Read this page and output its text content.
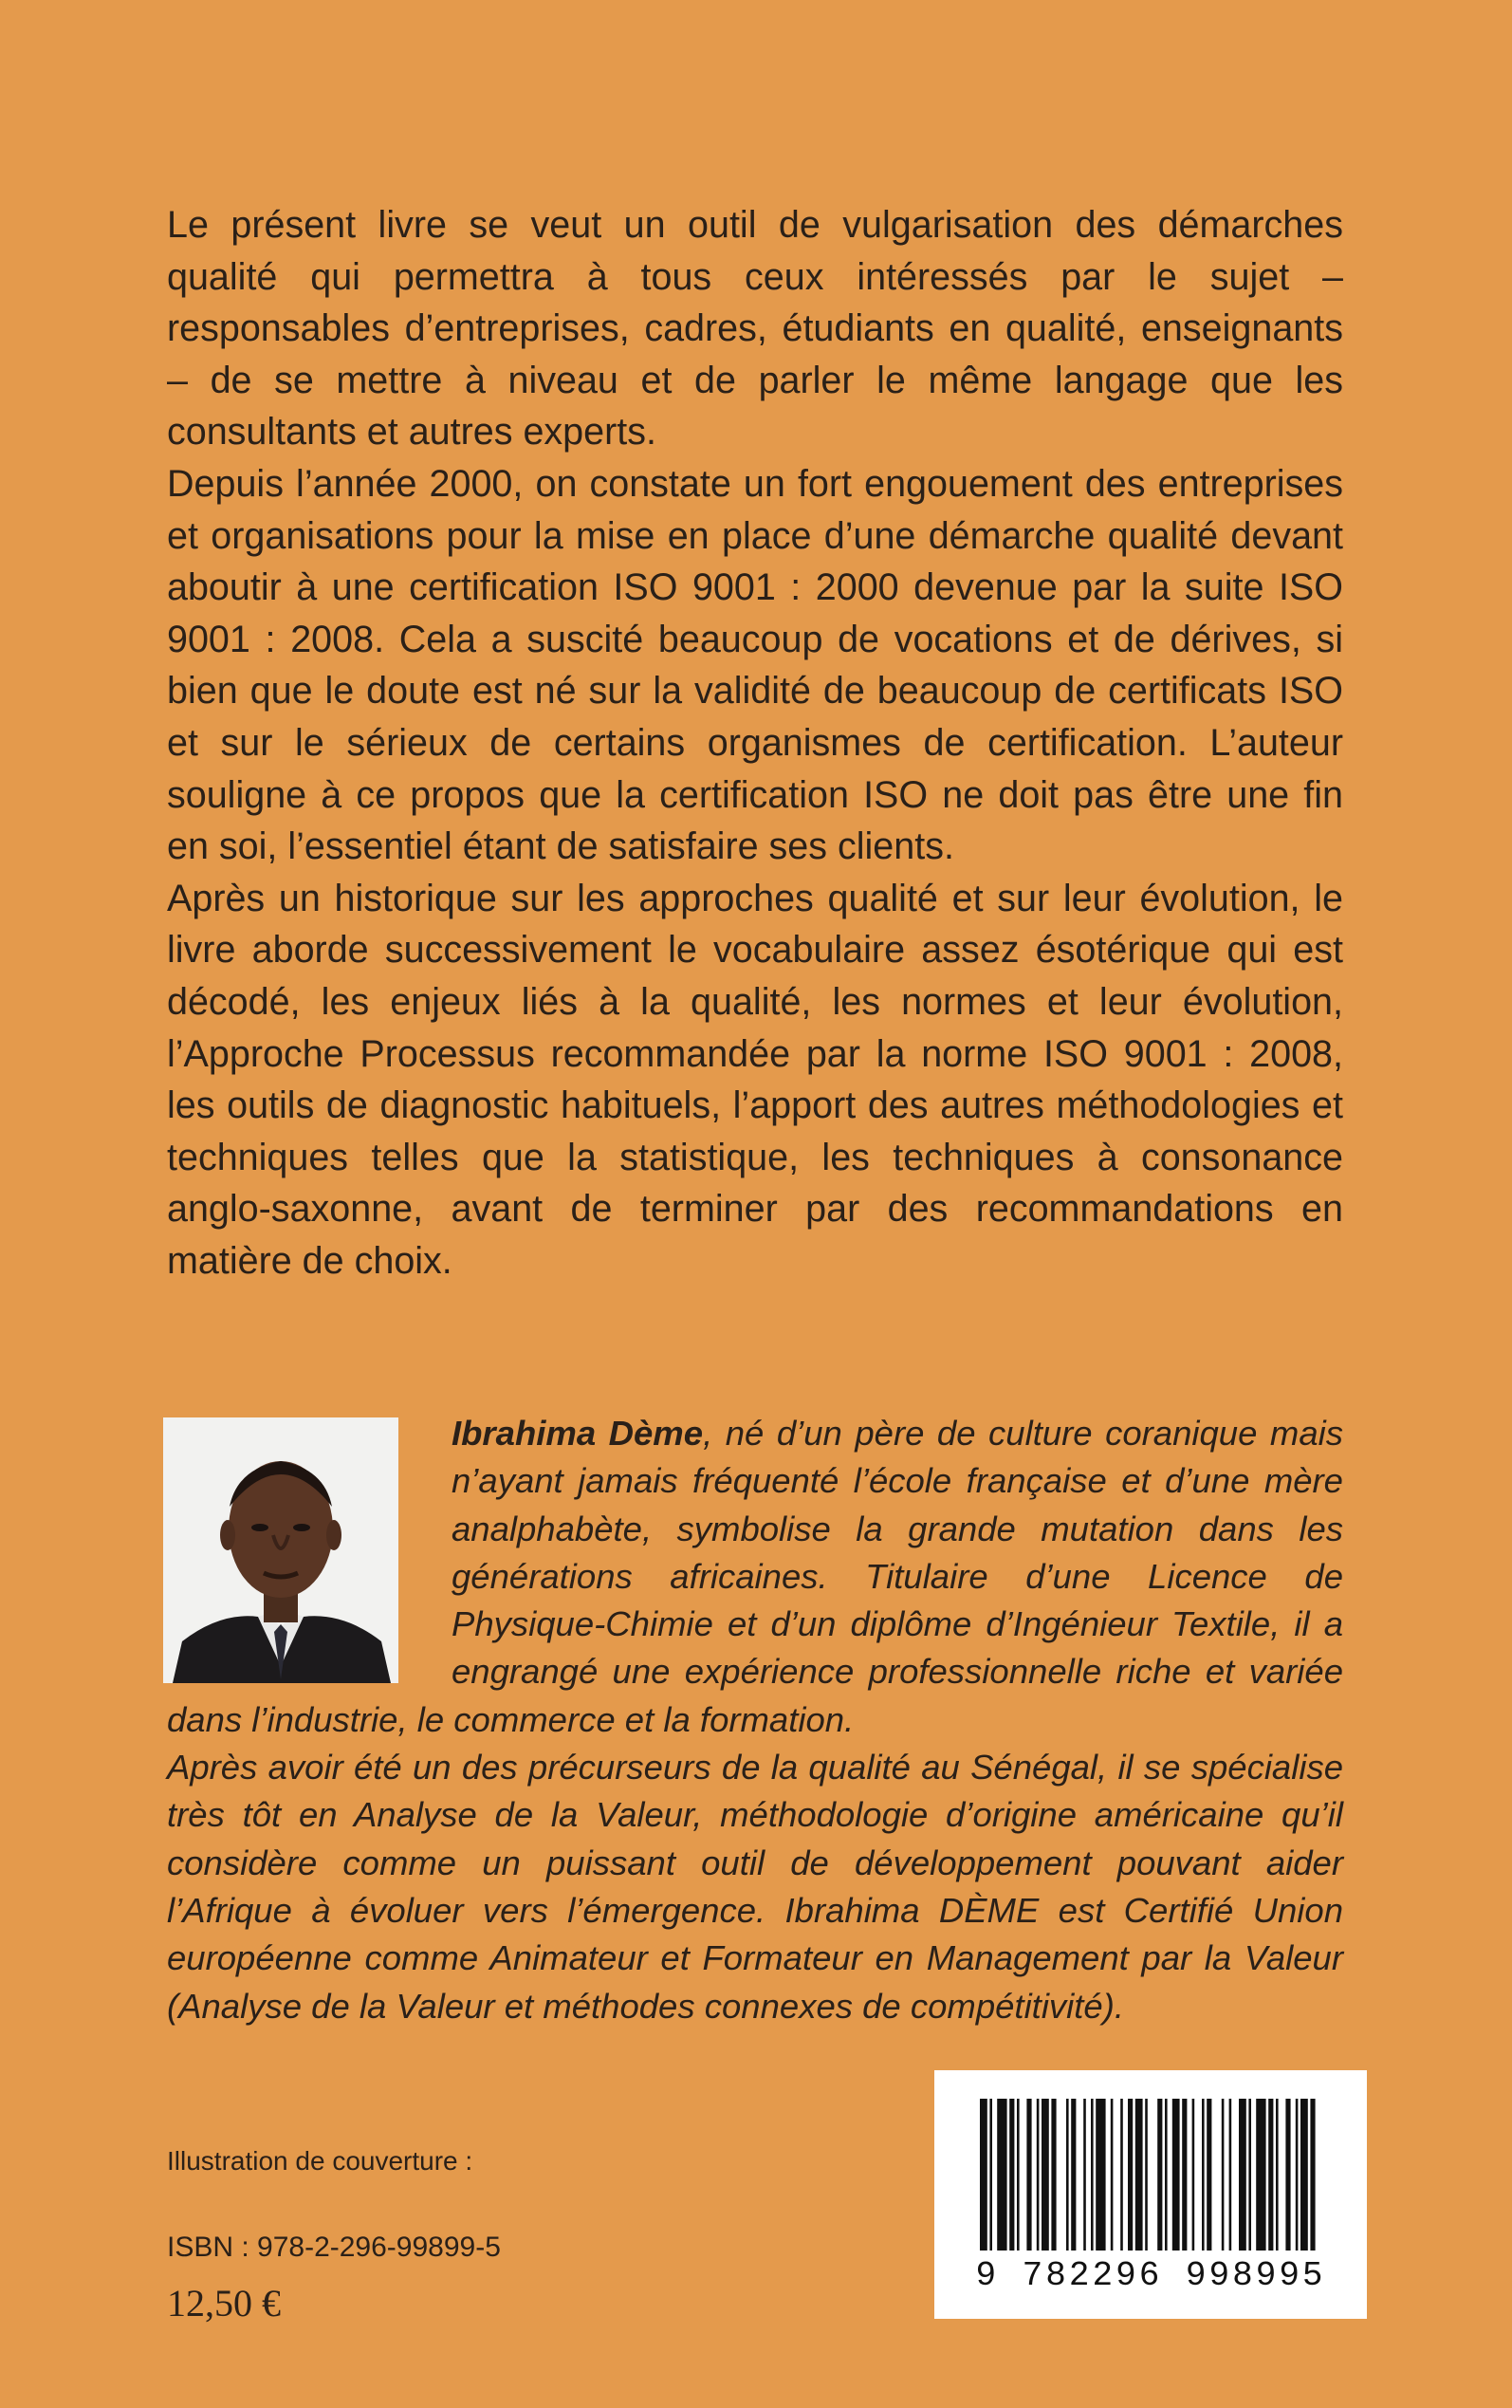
Le présent livre se veut un outil de vulgarisation des démarches qualité qui permettra à tous ceux intéressés par le sujet – responsables d’entreprises, cadres, étudiants en qualité, enseignants – de se mettre à niveau et de parler le même langage que les consultants et autres experts.

Depuis l’année 2000, on constate un fort engouement des entreprises et organisations pour la mise en place d’une démarche qualité devant aboutir à une certification ISO 9001 : 2000 devenue par la suite ISO 9001 : 2008. Cela a suscité beaucoup de vocations et de dérives, si bien que le doute est né sur la validité de beaucoup de certificats ISO et sur le sérieux de certains organismes de certification. L’auteur souligne à ce propos que la certification ISO ne doit pas être une fin en soi, l’essentiel étant de satisfaire ses clients.

Après un historique sur les approches qualité et sur leur évolution, le livre aborde successivement le vocabulaire assez ésotérique qui est décodé, les enjeux liés à la qualité, les normes et leur évolution, l’Approche Processus recommandée par la norme ISO 9001 : 2008, les outils de diagnostic habituels, l’apport des autres méthodologies et techniques telles que la statistique, les techniques à consonance anglo-saxonne, avant de terminer par des recommandations en matière de choix.

Ibrahima Dème, né d’un père de culture coranique mais n’ayant jamais fréquenté l’école française et d’une mère analphabète, symbolise la grande mutation dans les générations africaines. Titulaire d’une Licence de Physique-Chimie et d’un diplôme d’Ingénieur Textile, il a engrangé une expérience professionnelle riche et variée dans l’industrie, le commerce et la formation.

Après avoir été un des précurseurs de la qualité au Sénégal, il se spécialise très tôt en Analyse de la Valeur, méthodologie d’origine américaine qu’il considère comme un puissant outil de développement pouvant aider l’Afrique à évoluer vers l’émergence. Ibrahima DÈME est Certifié Union européenne comme Animateur et Formateur en Management par la Valeur (Analyse de la Valeur et méthodes connexes de compétitivité).

Illustration de couverture :
ISBN : 978-2-296-99899-5
12,50 €
9 782296 998995
